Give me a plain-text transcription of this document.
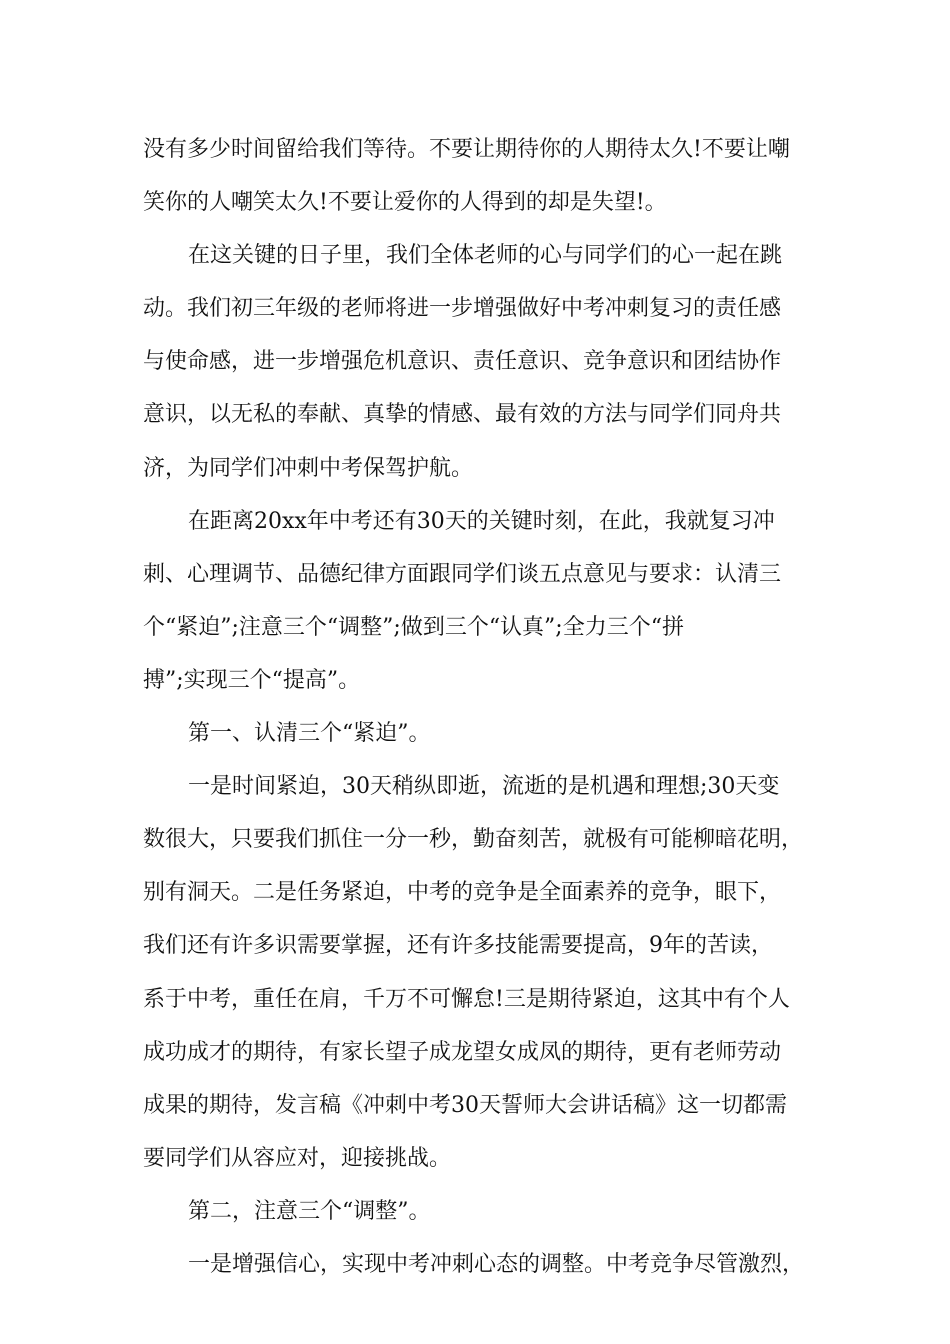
没有多少时间留给我们等待。不要让期待你的人期待太久!不要让嘲
笑你的人嘲笑太久!不要让爱你的人得到的却是失望!。
在这关键的日子里，我们全体老师的心与同学们的心一起在跳
动。我们初三年级的老师将进一步增强做好中考冲刺复习的责任感
与使命感，进一步增强危机意识、责任意识、竞争意识和团结协作
意识，以无私的奉献、真挚的情感、最有效的方法与同学们同舟共
济，为同学们冲刺中考保驾护航。
在距离20xx年中考还有30天的关键时刻，在此，我就复习冲
刺、心理调节、品德纪律方面跟同学们谈五点意见与要求：认清三
个“紧迫”;注意三个“调整”;做到三个“认真”;全力三个“拼
搏”;实现三个“提高”。
第一、认清三个“紧迫”。
一是时间紧迫，30天稍纵即逝，流逝的是机遇和理想;30天变
数很大，只要我们抓住一分一秒，勤奋刻苦，就极有可能柳暗花明，
别有洞天。二是任务紧迫，中考的竞争是全面素养的竞争，眼下，
我们还有许多识需要掌握，还有许多技能需要提高，9年的苦读，
系于中考，重任在肩，千万不可懈怠!三是期待紧迫，这其中有个人
成功成才的期待，有家长望子成龙望女成凤的期待，更有老师劳动
成果的期待，发言稿《冲刺中考30天誓师大会讲话稿》这一切都需
要同学们从容应对，迎接挑战。
第二，注意三个“调整”。
一是增强信心，实现中考冲刺心态的调整。中考竞争尽管激烈，
